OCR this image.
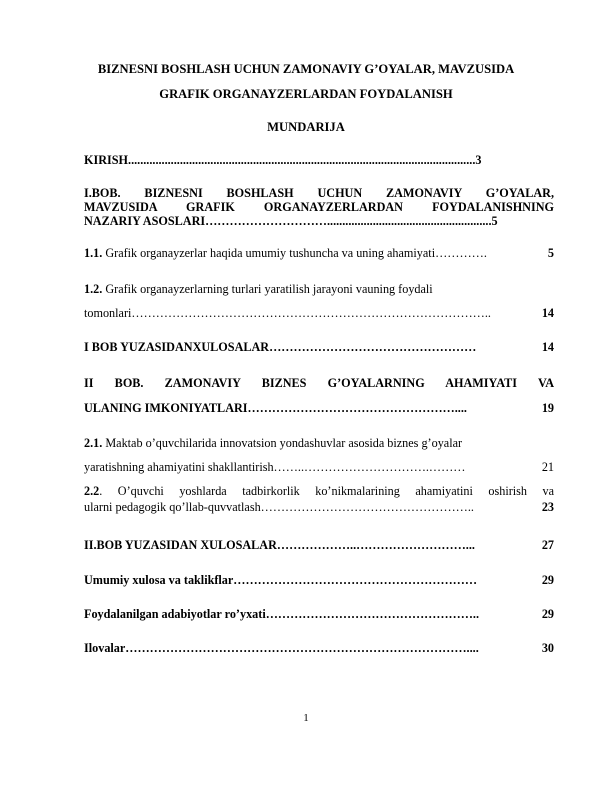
BIZNESNI BOSHLASH UCHUN ZAMONAVIY G’OYALAR, MAVZUSIDA
GRAFIK ORGANAYZERLARDAN FOYDALANISH
MUNDARIJA
KIRISH..................................................................................................................3
I.BOB. BIZNESNI BOSHLASH UCHUN ZAMONAVIY G’OYALAR,
MAVZUSIDA GRAFIK ORGANAYZERLARDAN FOYDALANISHNING
NAZARIY ASOSLARI…………………………......................................................5
5
1.1. Grafik organayzerlar haqida umumiy tushuncha va uning ahamiyati………….
1.2. Grafik organayzerlarning turlari yaratilish jarayoni vauning foydali
14
tomonlari……………………………………………………………………………..
14
I BOB YUZASIDANXULOSALAR……………………………………………
II BOB. ZAMONAVIY BIZNES G’OYALARNING AHAMIYATI VA
19
ULANING IMKONIYATLARI……………………………………………....
2.1. Maktab o’quvchilarida innovatsion yondashuvlar asosida biznes g’oyalar
21
yaratishning ahamiyatini shakllantirish……..………………………….………
2.2. O’quvchi yoshlarda tadbirkorlik ko’nikmalarining ahamiyatini oshirish va
23
ularni pedagogik qo’llab-quvvatlash……………………………………………..
27
II.BOB YUZASIDAN XULOSALAR………………..………………………...
29
Umumiy xulosa va taklikflar……………………………………………………
29
Foydalanilgan adabiyotlar ro’yxati……………………………………………..
30
Ilovalar…………………………………………………………………………....
1
